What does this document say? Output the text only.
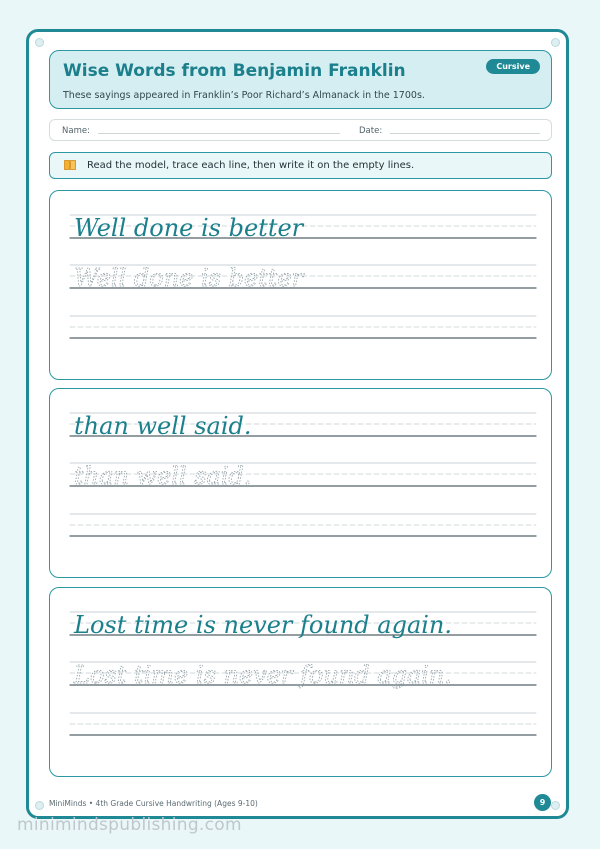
Wise Words from Benjamin Franklin
These sayings appeared in Franklin’s Poor Richard’s Almanack in the 1700s.
Cursive
Name:	Date:
Read the model, trace each line, then write it on the empty lines.
Well done is better
Well done is better
than well said.
than well said.
Lost time is never found again.
Lost time is never found again.
MiniMinds • 4th Grade Cursive Handwriting (Ages 9-10)	9
minimindspublishing.com
